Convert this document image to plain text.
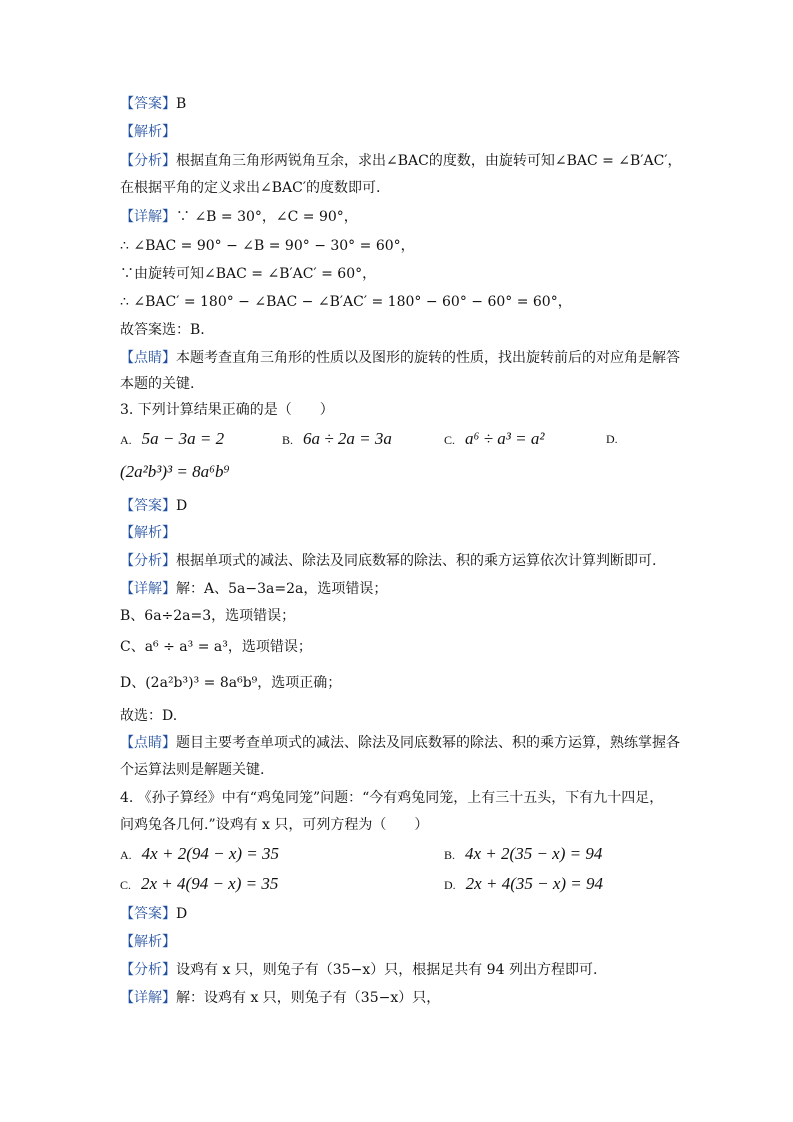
【答案】B
【解析】
【分析】根据直角三角形两锐角互余，求出∠BAC的度数，由旋转可知∠BAC = ∠B′AC′，
在根据平角的定义求出∠BAC′的度数即可.
【详解】∵ ∠B = 30°，∠C = 90°，
∴ ∠BAC = 90° − ∠B = 90° − 30° = 60°，
∵由旋转可知∠BAC = ∠B′AC′ = 60°，
∴ ∠BAC′ = 180° − ∠BAC − ∠B′AC′ = 180° − 60° − 60° = 60°，
故答案选：B.
【点睛】本题考查直角三角形的性质以及图形的旋转的性质，找出旋转前后的对应角是解答
本题的关键.
3. 下列计算结果正确的是（　　）
A. 5a − 3a = 2	B. 6a ÷ 2a = 3a	C. a⁶ ÷ a³ = a²	D.
(2a²b³)³ = 8a⁶b⁹
【答案】D
【解析】
【分析】根据单项式的减法、除法及同底数幂的除法、积的乘方运算依次计算判断即可.
【详解】解：A、5a−3a=2a，选项错误；
B、6a÷2a=3，选项错误；
C、a⁶ ÷ a³ = a³，选项错误；
D、(2a²b³)³ = 8a⁶b⁹，选项正确；
故选：D.
【点睛】题目主要考查单项式的减法、除法及同底数幂的除法、积的乘方运算，熟练掌握各
个运算法则是解题关键.
4. 《孙子算经》中有“鸡兔同笼”问题：“今有鸡兔同笼，上有三十五头，下有九十四足，
问鸡兔各几何.”设鸡有 x 只，可列方程为（　　）
A. 4x + 2(94 − x) = 35	B. 4x + 2(35 − x) = 94
C. 2x + 4(94 − x) = 35	D. 2x + 4(35 − x) = 94
【答案】D
【解析】
【分析】设鸡有 x 只，则兔子有（35−x）只，根据足共有 94 列出方程即可.
【详解】解：设鸡有 x 只，则兔子有（35−x）只，
